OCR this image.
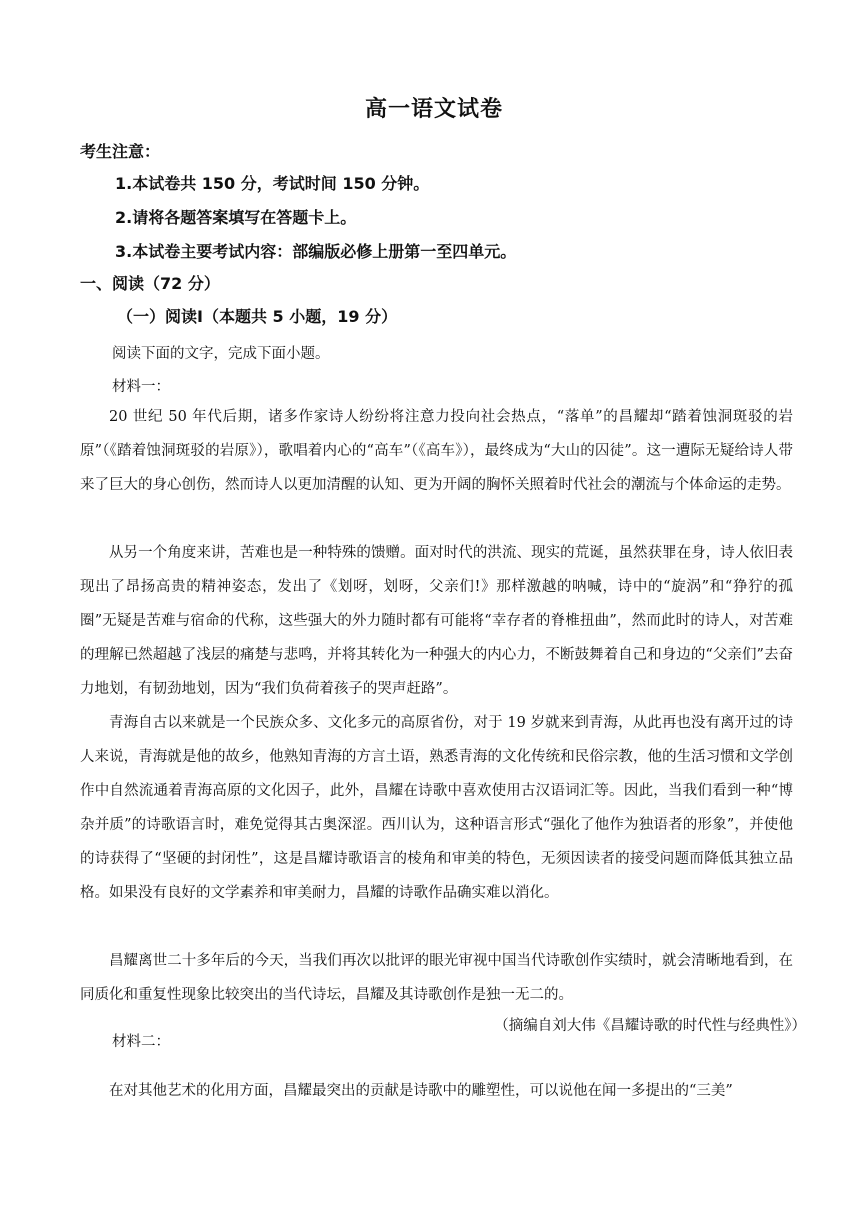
高一语文试卷
考生注意：
1.本试卷共 150 分，考试时间 150 分钟。
2.请将各题答案填写在答题卡上。
3.本试卷主要考试内容：部编版必修上册第一至四单元。
一、阅读（72 分）
（一）阅读Ⅰ（本题共 5 小题，19 分）
阅读下面的文字，完成下面小题。
材料一：

20 世纪 50 年代后期，诸多作家诗人纷纷将注意力投向社会热点，“落单”的昌耀却“踏着蚀洞斑驳的岩原”（《踏着蚀洞斑驳的岩原》），歌唱着内心的“高车”（《高车》），最终成为“大山的囚徒”。这一遭际无疑给诗人带来了巨大的身心创伤，然而诗人以更加清醒的认知、更为开阔的胸怀关照着时代社会的潮流与个体命运的走势。

从另一个角度来讲，苦难也是一种特殊的馈赠。面对时代的洪流、现实的荒诞，虽然获罪在身，诗人依旧表现出了昂扬高贵的精神姿态，发出了《划呀，划呀，父亲们!》那样激越的呐喊，诗中的“旋涡”和“狰狞的孤圈”无疑是苦难与宿命的代称，这些强大的外力随时都有可能将“幸存者的脊椎扭曲”，然而此时的诗人，对苦难的理解已然超越了浅层的痛楚与悲鸣，并将其转化为一种强大的内心力，不断鼓舞着自己和身边的“父亲们”去奋力地划，有韧劲地划，因为“我们负荷着孩子的哭声赶路”。

青海自古以来就是一个民族众多、文化多元的高原省份，对于 19 岁就来到青海，从此再也没有离开过的诗人来说，青海就是他的故乡，他熟知青海的方言土语，熟悉青海的文化传统和民俗宗教，他的生活习惯和文学创作中自然流通着青海高原的文化因子，此外，昌耀在诗歌中喜欢使用古汉语词汇等。因此，当我们看到一种“博杂并质”的诗歌语言时，难免觉得其古奥深涩。西川认为，这种语言形式“强化了他作为独语者的形象”，并使他的诗获得了“坚硬的封闭性”，这是昌耀诗歌语言的棱角和审美的特色，无须因读者的接受问题而降低其独立品格。如果没有良好的文学素养和审美耐力，昌耀的诗歌作品确实难以消化。

昌耀离世二十多年后的今天，当我们再次以批评的眼光审视中国当代诗歌创作实绩时，就会清晰地看到，在同质化和重复性现象比较突出的当代诗坛，昌耀及其诗歌创作是独一无二的。

（摘编自刘大伟《昌耀诗歌的时代性与经典性》）
材料二：

在对其他艺术的化用方面，昌耀最突出的贡献是诗歌中的雕塑性，可以说他在闻一多提出的“三美”
